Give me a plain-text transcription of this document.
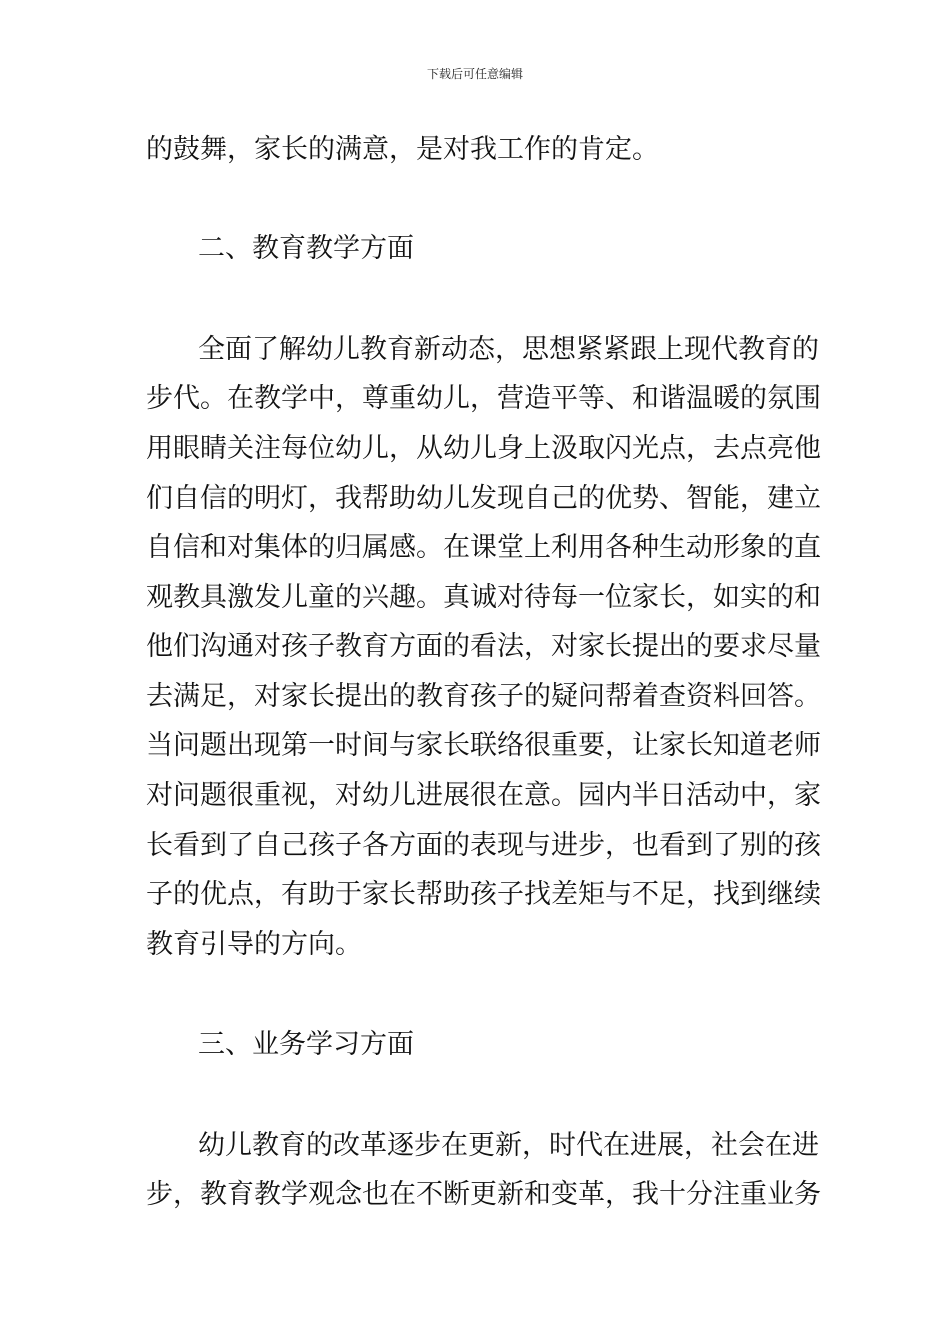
下载后可任意编辑
的鼓舞，家长的满意，是对我工作的肯定。
二、教育教学方面
全面了解幼儿教育新动态，思想紧紧跟上现代教育的
步代。在教学中，尊重幼儿，营造平等、和谐温暖的氛围
用眼睛关注每位幼儿，从幼儿身上汲取闪光点，去点亮他
们自信的明灯，我帮助幼儿发现自己的优势、智能，建立
自信和对集体的归属感。在课堂上利用各种生动形象的直
观教具激发儿童的兴趣。真诚对待每一位家长，如实的和
他们沟通对孩子教育方面的看法，对家长提出的要求尽量
去满足，对家长提出的教育孩子的疑问帮着查资料回答。
当问题出现第一时间与家长联络很重要，让家长知道老师
对问题很重视，对幼儿进展很在意。园内半日活动中，家
长看到了自己孩子各方面的表现与进步，也看到了别的孩
子的优点，有助于家长帮助孩子找差矩与不足，找到继续
教育引导的方向。
三、业务学习方面
幼儿教育的改革逐步在更新，时代在进展，社会在进
步，教育教学观念也在不断更新和变革，我十分注重业务
